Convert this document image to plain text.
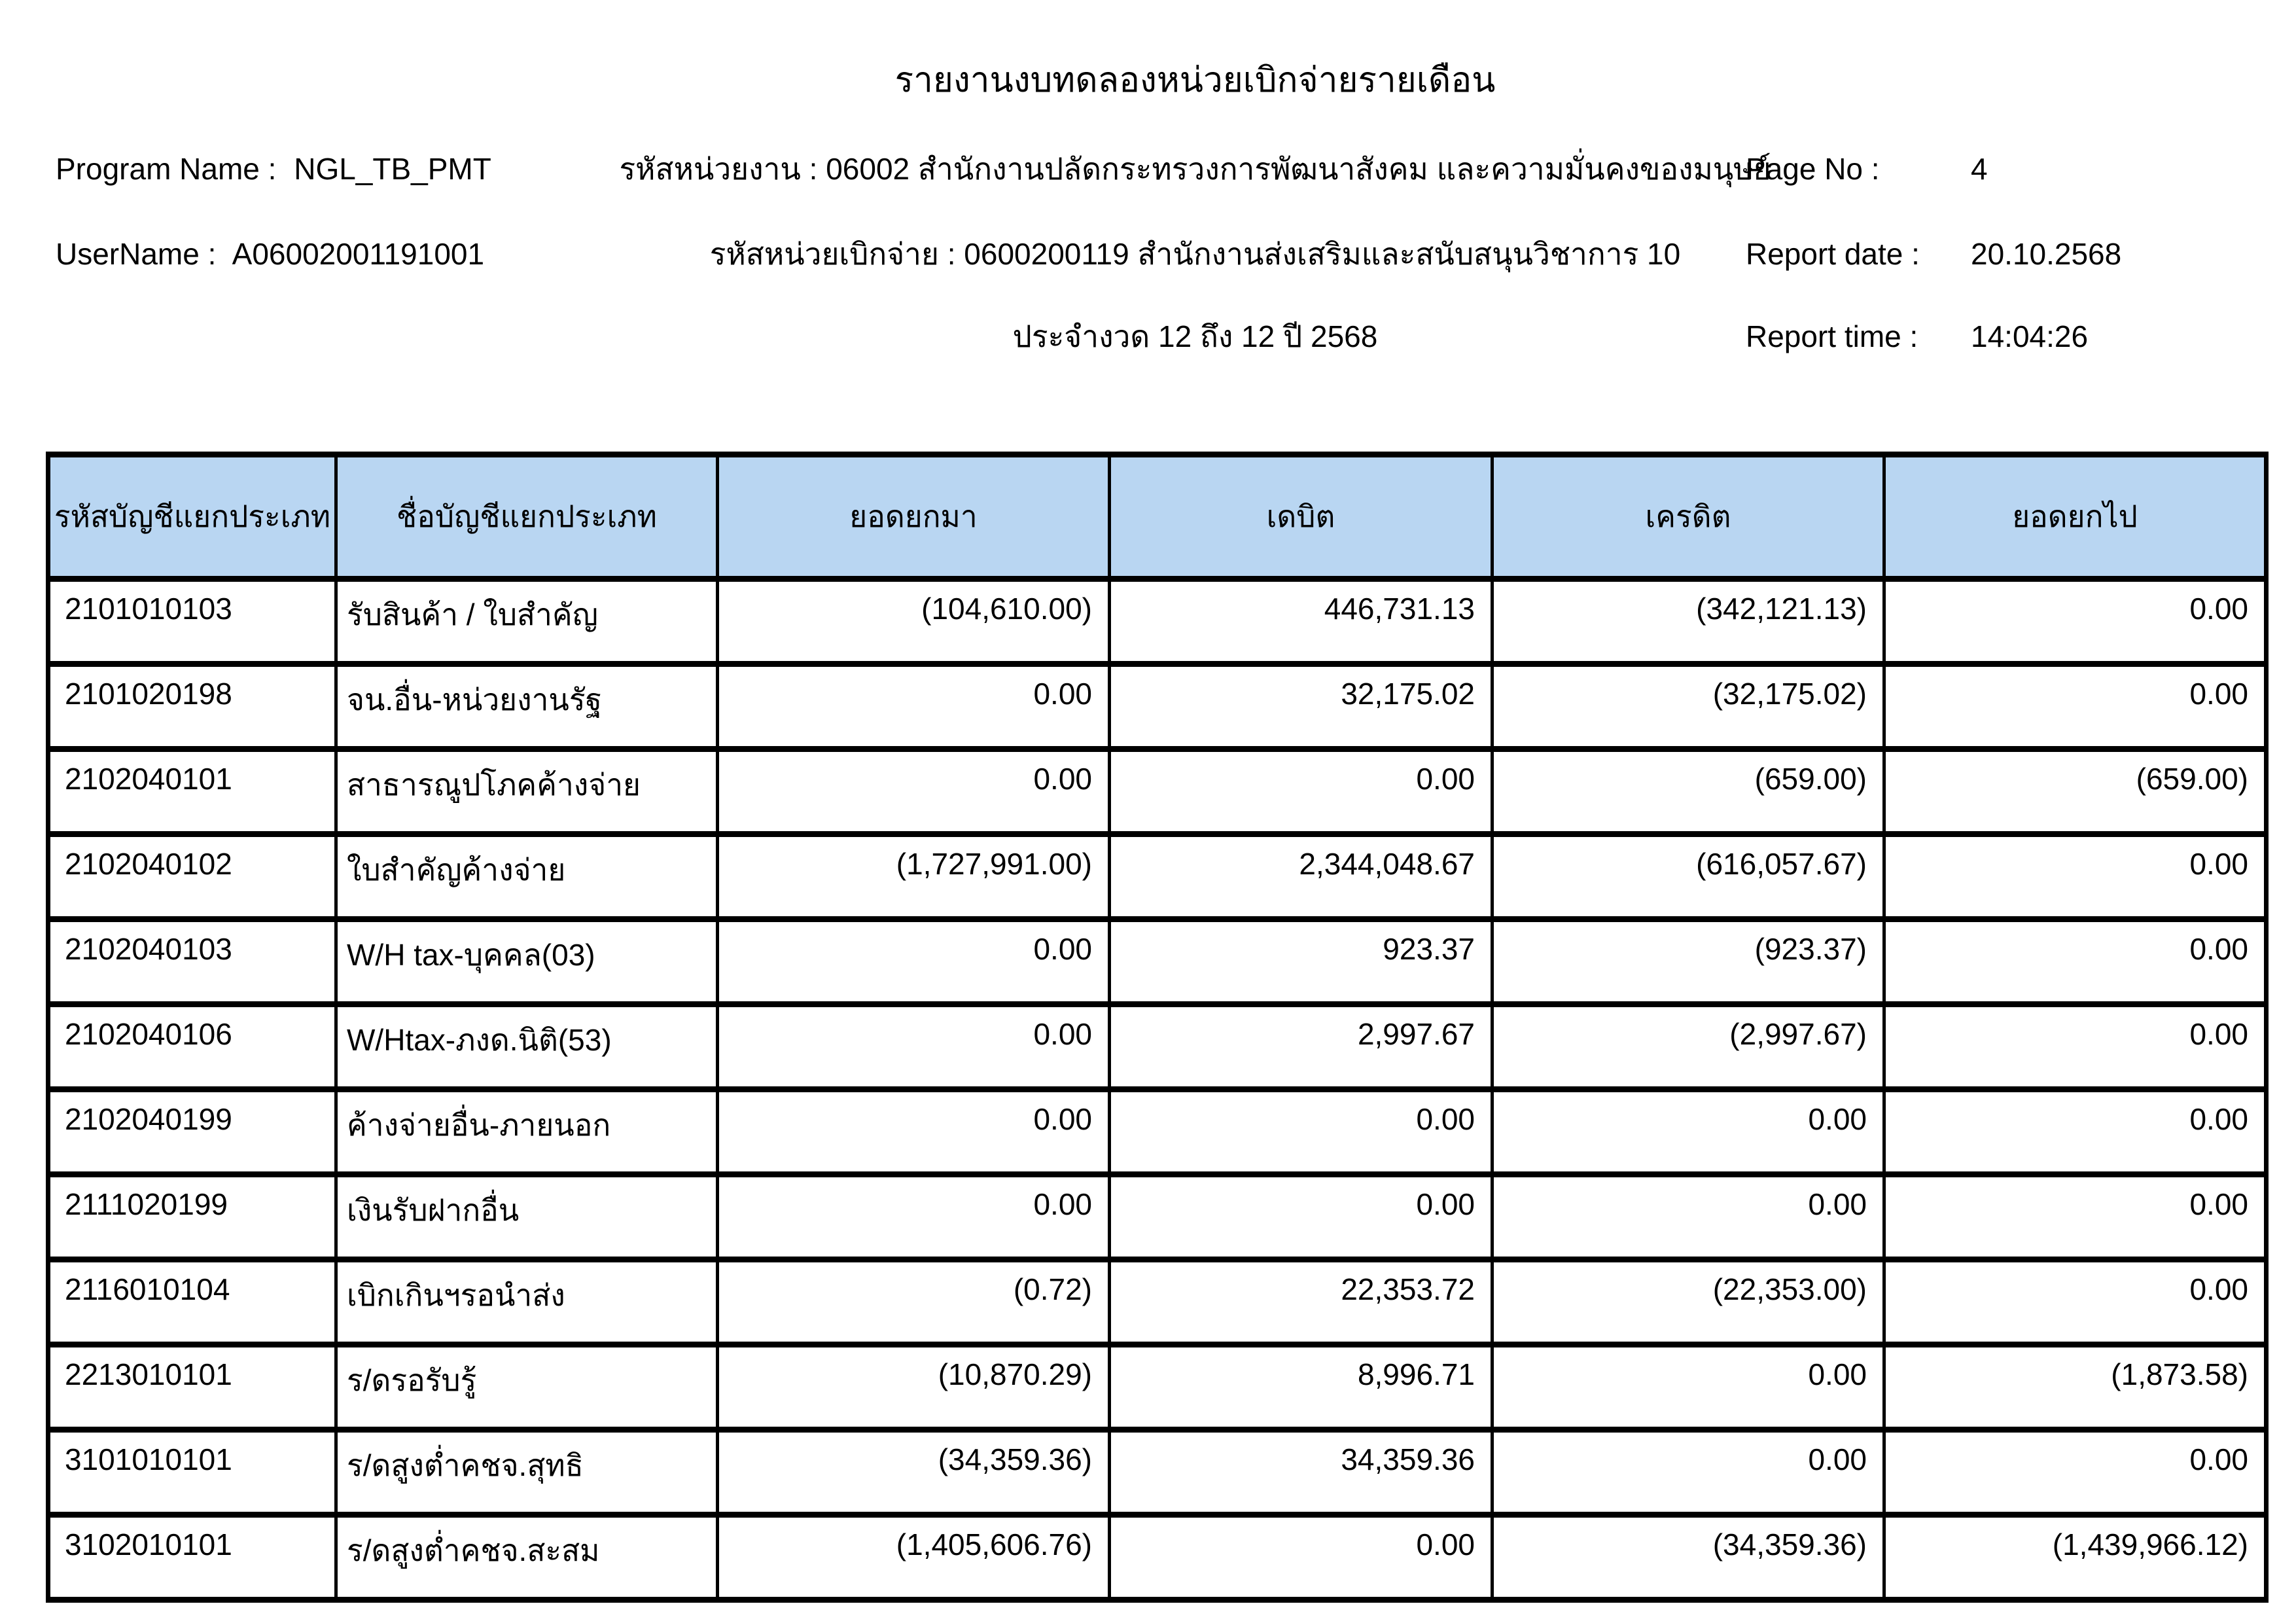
รายงานงบทดลองหน่วยเบิกจ่ายรายเดือน
Program Name : NGL_TB_PMT	รหัสหน่วยงาน : 06002 สำนักงานปลัดกระทรวงการพัฒนาสังคม และความมั่นคงของมนุษย์
Page No :	4
UserName : A06002001191001	รหัสหน่วยเบิกจ่าย : 0600200119 สำนักงานส่งเสริมและสนับสนุนวิชาการ 10 Report date : 20.10.2568
ประจำงวด 12 ถึง 12 ปี 2568	Report time : 14:04:26
รหัสบัญชีแยกประเภท	ชื่อบัญชีแยกประเภท	ยอดยกมา	เดบิต	เครดิต	ยอดยกไป
2101010103	รับสินค้า / ใบสำคัญ	(104,610.00)	446,731.13	(342,121.13)	0.00
2101020198	จน.อื่น-หน่วยงานรัฐ	0.00	32,175.02	(32,175.02)	0.00
2102040101	สาธารณูปโภคค้างจ่าย	0.00	0.00	(659.00)	(659.00)
2102040102	ใบสำคัญค้างจ่าย	(1,727,991.00)	2,344,048.67	(616,057.67)	0.00
2102040103	W/H tax-บุคคล(03)	0.00	923.37	(923.37)	0.00
2102040106	W/Htax-ภงด.นิติ(53)	0.00	2,997.67	(2,997.67)	0.00
2102040199	ค้างจ่ายอื่น-ภายนอก	0.00	0.00	0.00	0.00
2111020199	เงินรับฝากอื่น	0.00	0.00	0.00	0.00
2116010104	เบิกเกินฯรอนำส่ง	(0.72)	22,353.72	(22,353.00)	0.00
2213010101	ร/ดรอรับรู้	(10,870.29)	8,996.71	0.00	(1,873.58)
3101010101	ร/ดสูงต่ำคชจ.สุทธิ	(34,359.36)	34,359.36	0.00	0.00
3102010101	ร/ดสูงต่ำคชจ.สะสม	(1,405,606.76)	0.00	(34,359.36)	(1,439,966.12)
